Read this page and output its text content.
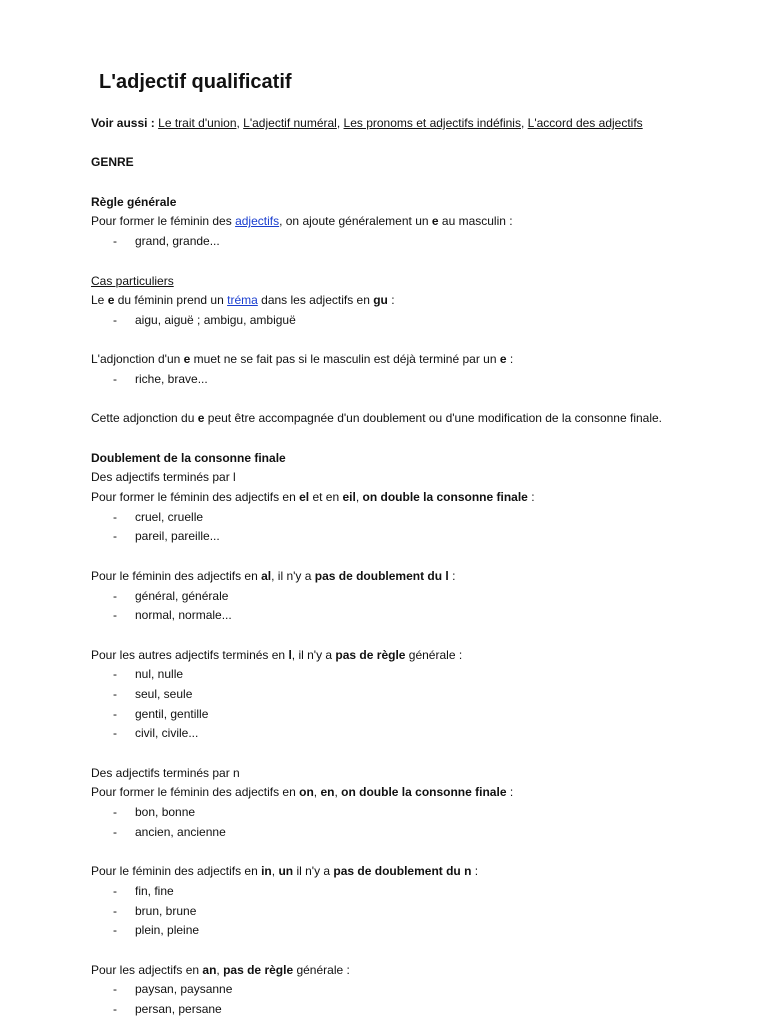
L'adjectif qualificatif
Voir aussi : Le trait d'union, L'adjectif numéral, Les pronoms et adjectifs indéfinis, L'accord des adjectifs
GENRE
Règle générale
Pour former le féminin des adjectifs, on ajoute généralement un e au masculin :
- grand, grande...
Cas particuliers
Le e du féminin prend un tréma dans les adjectifs en gu :
- aigu, aiguë ; ambigu, ambiguë
L'adjonction d'un e muet ne se fait pas si le masculin est déjà terminé par un e :
- riche, brave...
Cette adjonction du e peut être accompagnée d'un doublement ou d'une modification de la consonne finale.
Doublement de la consonne finale
Des adjectifs terminés par l
Pour former le féminin des adjectifs en el et en eil, on double la consonne finale :
- cruel, cruelle
- pareil, pareille...
Pour le féminin des adjectifs en al, il n'y a pas de doublement du l :
- général, générale
- normal, normale...
Pour les autres adjectifs terminés en l, il n'y a pas de règle générale :
- nul, nulle
- seul, seule
- gentil, gentille
- civil, civile...
Des adjectifs terminés par n
Pour former le féminin des adjectifs en on, en, on double la consonne finale :
- bon, bonne
- ancien, ancienne
Pour le féminin des adjectifs en in, un il n'y a pas de doublement du n :
- fin, fine
- brun, brune
- plein, pleine
Pour les adjectifs en an, pas de règle générale :
- paysan, paysanne
- persan, persane
